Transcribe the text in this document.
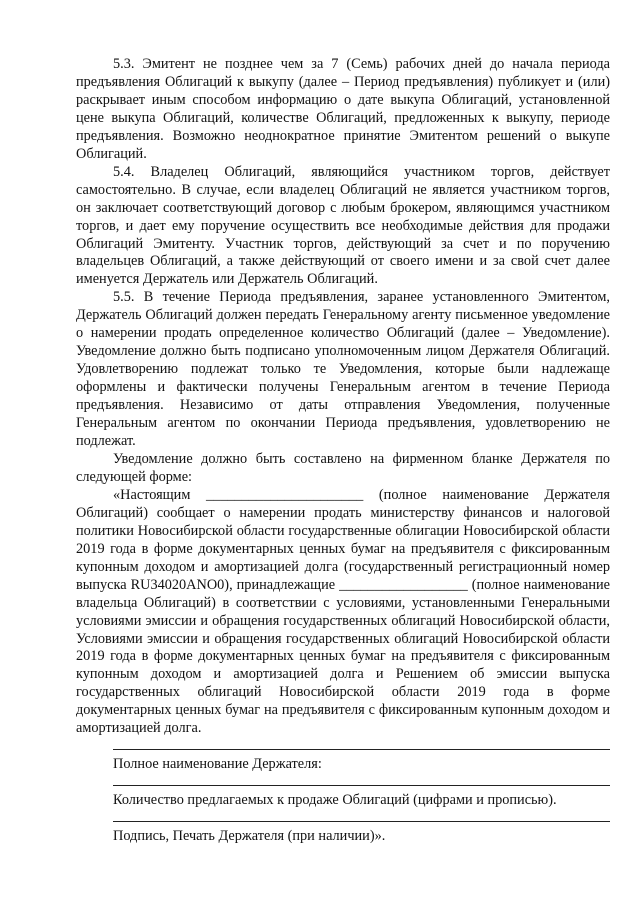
5.3. Эмитент не позднее чем за 7 (Семь) рабочих дней до начала периода предъявления Облигаций к выкупу (далее – Период предъявления) публикует и (или) раскрывает иным способом информацию о дате выкупа Облигаций, установленной цене выкупа Облигаций, количестве Облигаций, предложенных к выкупу, периоде предъявления. Возможно неоднократное принятие Эмитентом решений о выкупе Облигаций.

5.4. Владелец Облигаций, являющийся участником торгов, действует самостоятельно. В случае, если владелец Облигаций не является участником торгов, он заключает соответствующий договор с любым брокером, являющимся участником торгов, и дает ему поручение осуществить все необходимые действия для продажи Облигаций Эмитенту. Участник торгов, действующий за счет и по поручению владельцев Облигаций, а также действующий от своего имени и за свой счет далее именуется Держатель или Держатель Облигаций.

5.5. В течение Периода предъявления, заранее установленного Эмитентом, Держатель Облигаций должен передать Генеральному агенту письменное уведомление о намерении продать определенное количество Облигаций (далее – Уведомление). Уведомление должно быть подписано уполномоченным лицом Держателя Облигаций. Удовлетворению подлежат только те Уведомления, которые были надлежаще оформлены и фактически получены Генеральным агентом в течение Периода предъявления. Независимо от даты отправления Уведомления, полученные Генеральным агентом по окончании Периода предъявления, удовлетворению не подлежат.

Уведомление должно быть составлено на фирменном бланке Держателя по следующей форме:

«Настоящим ______________________ (полное наименование Держателя Облигаций) сообщает о намерении продать министерству финансов и налоговой политики Новосибирской области государственные облигации Новосибирской области 2019 года в форме документарных ценных бумаг на предъявителя с фиксированным купонным доходом и амортизацией долга (государственный регистрационный номер выпуска RU34020ANO0), принадлежащие __________________ (полное наименование владельца Облигаций) в соответствии с условиями, установленными Генеральными условиями эмиссии и обращения государственных облигаций Новосибирской области, Условиями эмиссии и обращения государственных облигаций Новосибирской области 2019 года в форме документарных ценных бумаг на предъявителя с фиксированным купонным доходом и амортизацией долга и Решением об эмиссии выпуска государственных облигаций Новосибирской области 2019 года в форме документарных ценных бумаг на предъявителя с фиксированным купонным доходом и амортизацией долга.

Полное наименование Держателя:

Количество предлагаемых к продаже Облигаций (цифрами и прописью).

Подпись, Печать Держателя (при наличии)».
